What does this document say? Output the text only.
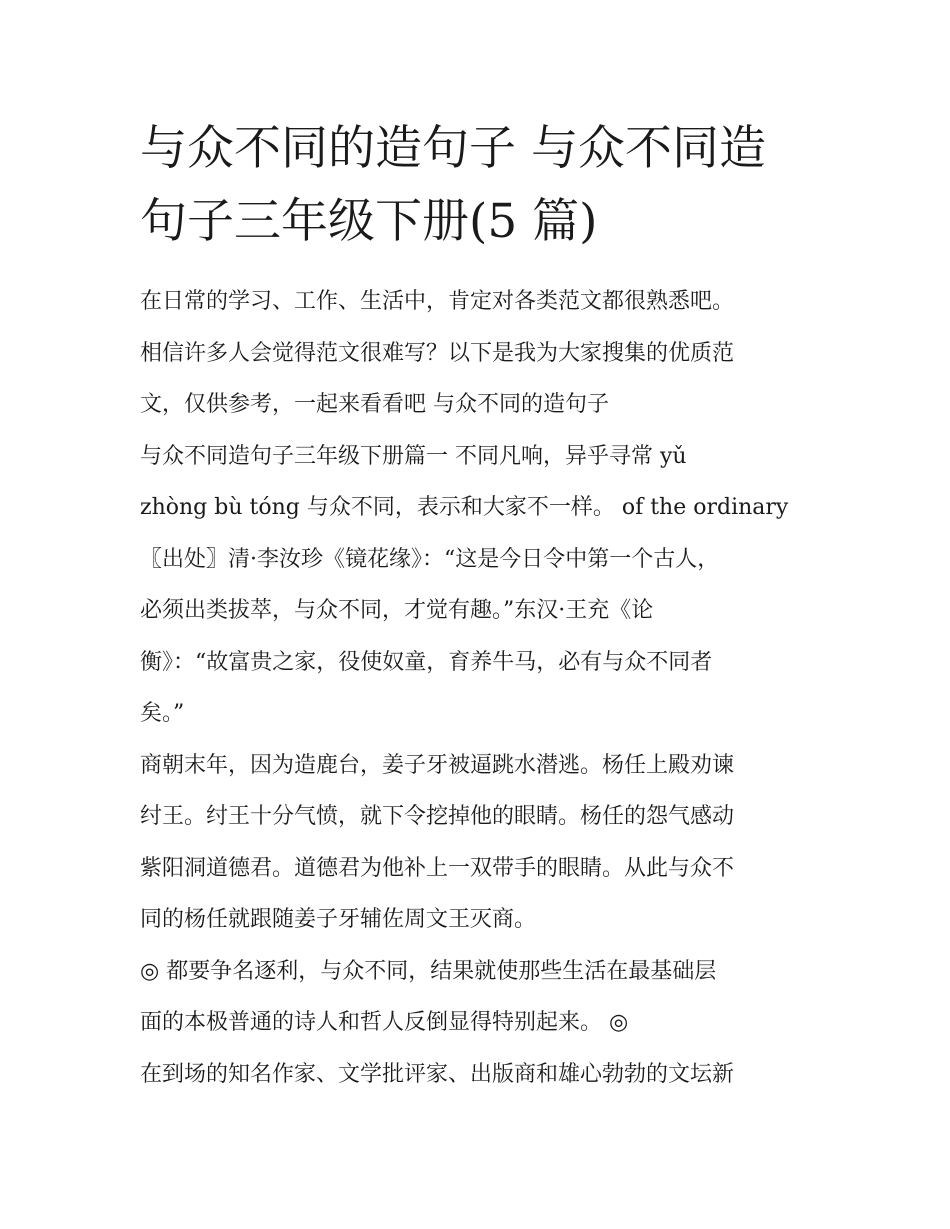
与众不同的造句子 与众不同造
句子三年级下册(5 篇)
在日常的学习、工作、生活中，肯定对各类范文都很熟悉吧。
相信许多人会觉得范文很难写？以下是我为大家搜集的优质范
文，仅供参考，一起来看看吧 与众不同的造句子
与众不同造句子三年级下册篇一 不同凡响，异乎寻常 yǔ
zhòng bù tóng 与众不同，表示和大家不一样。 of the ordinary
〖出处〗清·李汝珍《镜花缘》：“这是今日令中第一个古人，
必须出类拔萃，与众不同，才觉有趣。”东汉·王充《论
衡》：“故富贵之家，役使奴童，育养牛马，必有与众不同者
矣。”
商朝末年，因为造鹿台，姜子牙被逼跳水潜逃。杨任上殿劝谏
纣王。纣王十分气愤，就下令挖掉他的眼睛。杨任的怨气感动
紫阳洞道德君。道德君为他补上一双带手的眼睛。从此与众不
同的杨任就跟随姜子牙辅佐周文王灭商。
◎ 都要争名逐利，与众不同，结果就使那些生活在最基础层
面的本极普通的诗人和哲人反倒显得特别起来。 ◎
在到场的知名作家、文学批评家、出版商和雄心勃勃的文坛新
